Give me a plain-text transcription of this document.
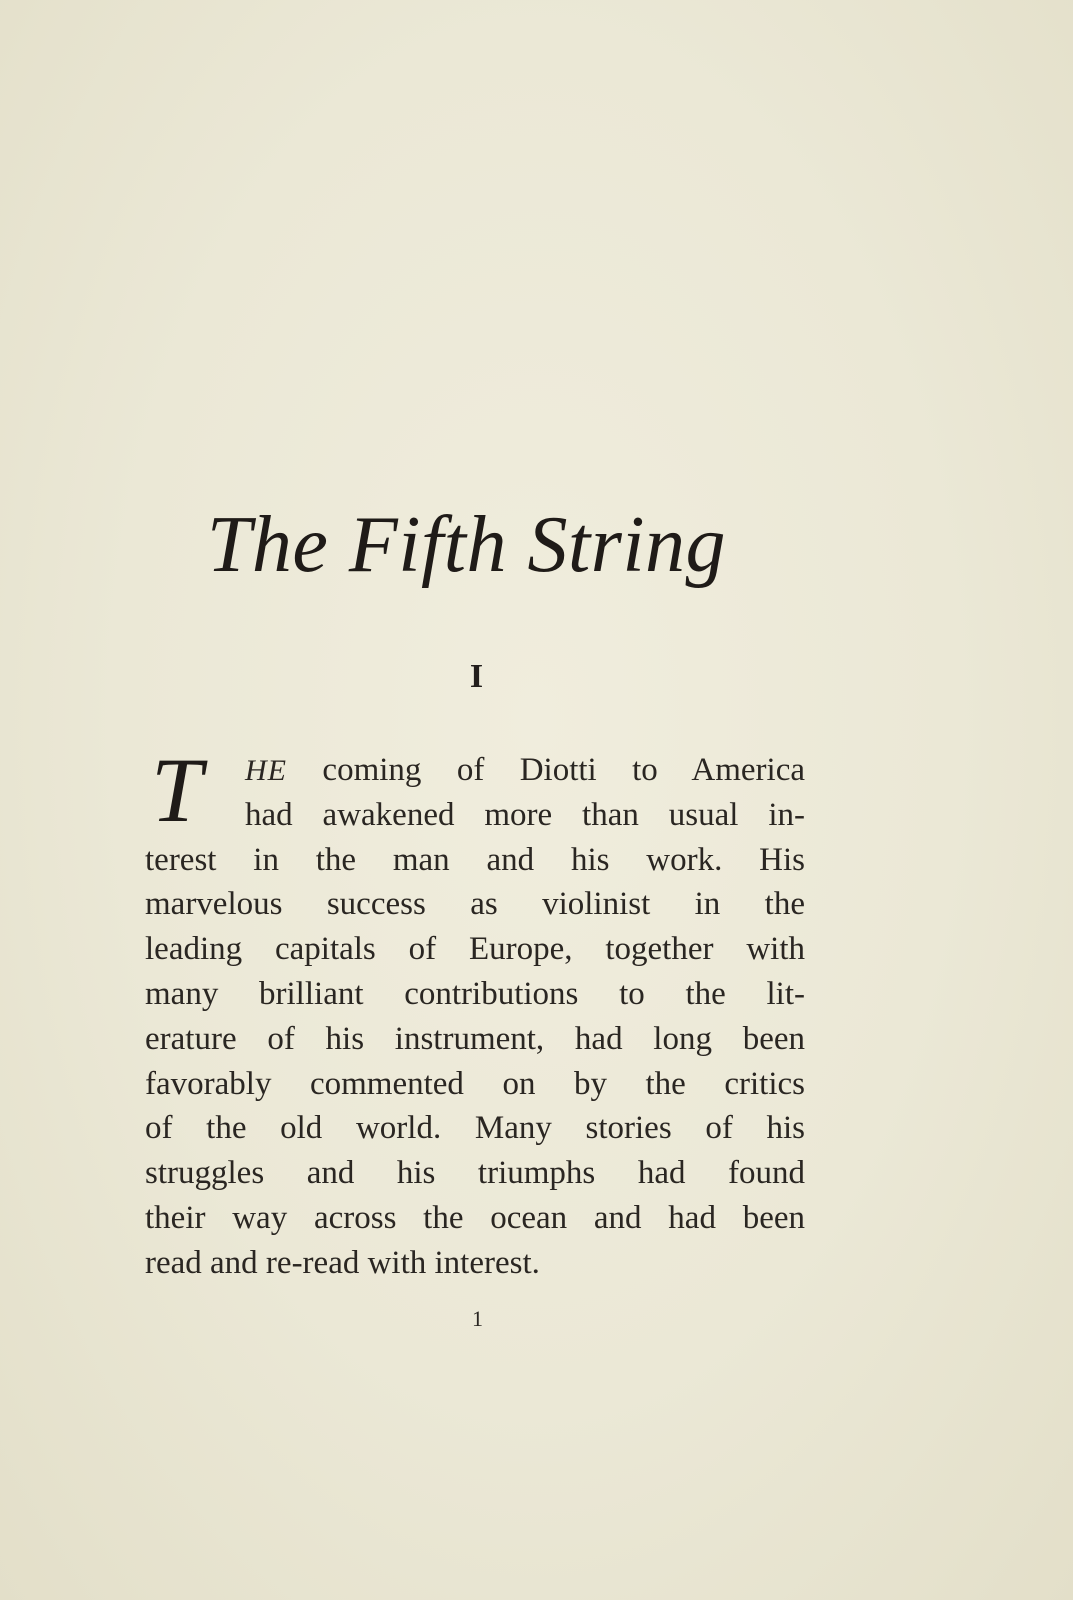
The Fifth String
I
T HE coming of Diotti to America
had awakened more than usual in-
terest in the man and his work. His
marvelous success as violinist in the
leading capitals of Europe, together with
many brilliant contributions to the lit-
erature of his instrument, had long been
favorably commented on by the critics
of the old world. Many stories of his
struggles and his triumphs had found
their way across the ocean and had been
read and re-read with interest.
1
